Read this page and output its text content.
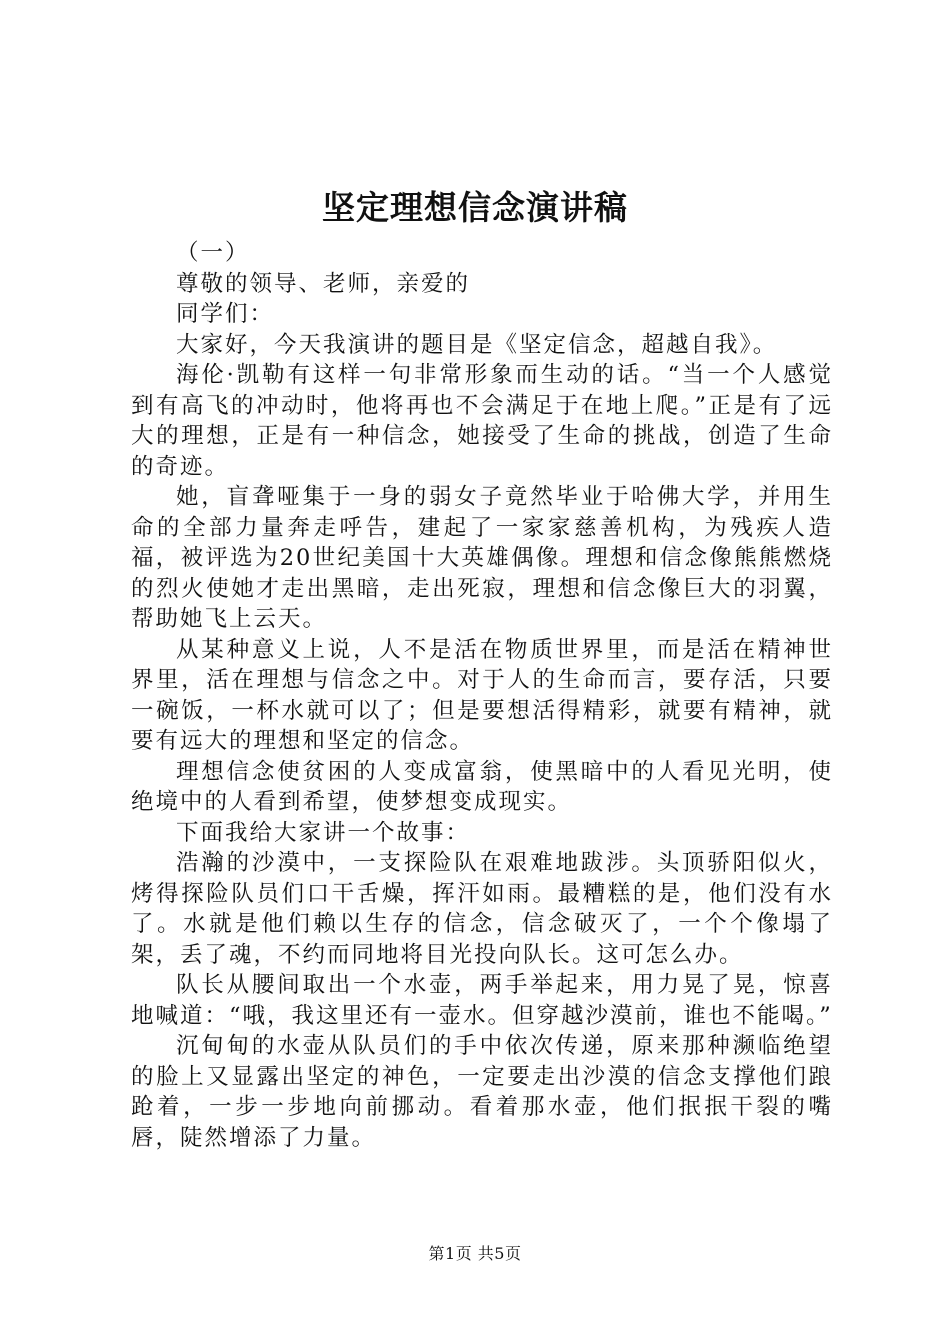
坚定理想信念演讲稿

（一）

尊敬的领导、老师，亲爱的

同学们：

大家好，今天我演讲的题目是《坚定信念，超越自我》。

海伦·凯勒有这样一句非常形象而生动的话。“当一个人感觉到有高飞的冲动时，他将再也不会满足于在地上爬。”正是有了远大的理想，正是有一种信念，她接受了生命的挑战，创造了生命的奇迹。

她，盲聋哑集于一身的弱女子竟然毕业于哈佛大学，并用生命的全部力量奔走呼告，建起了一家家慈善机构，为残疾人造福，被评选为20世纪美国十大英雄偶像。理想和信念像熊熊燃烧的烈火使她才走出黑暗，走出死寂，理想和信念像巨大的羽翼，帮助她飞上云天。

从某种意义上说，人不是活在物质世界里，而是活在精神世界里，活在理想与信念之中。对于人的生命而言，要存活，只要一碗饭，一杯水就可以了；但是要想活得精彩，就要有精神，就要有远大的理想和坚定的信念。

理想信念使贫困的人变成富翁，使黑暗中的人看见光明，使绝境中的人看到希望，使梦想变成现实。

下面我给大家讲一个故事：

浩瀚的沙漠中，一支探险队在艰难地跋涉。头顶骄阳似火，烤得探险队员们口干舌燥，挥汗如雨。最糟糕的是，他们没有水了。水就是他们赖以生存的信念，信念破灭了，一个个像塌了架，丢了魂，不约而同地将目光投向队长。这可怎么办。

队长从腰间取出一个水壶，两手举起来，用力晃了晃，惊喜地喊道：“哦，我这里还有一壶水。但穿越沙漠前，谁也不能喝。”

沉甸甸的水壶从队员们的手中依次传递，原来那种濒临绝望的脸上又显露出坚定的神色，一定要走出沙漠的信念支撑他们踉跄着，一步一步地向前挪动。看着那水壶，他们抿抿干裂的嘴唇，陡然增添了力量。

第1页 共5页
